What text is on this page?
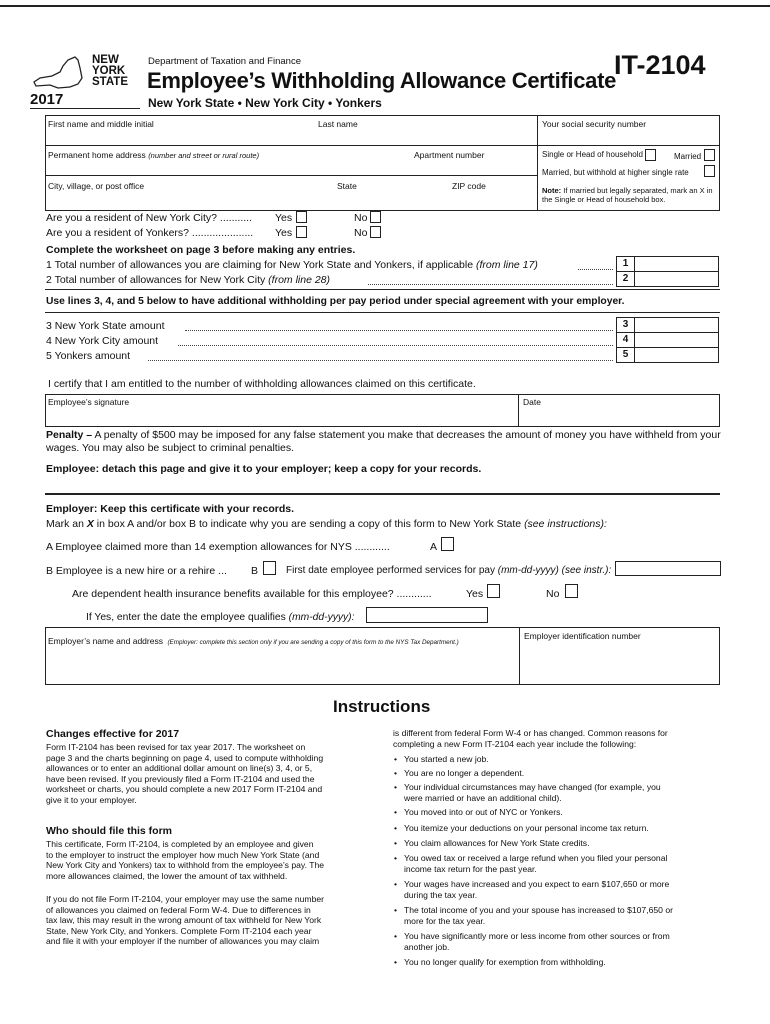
NEW
YORK
STATE
2017
Department of Taxation and Finance
Employee’s Withholding Allowance Certificate
New York State • New York City • Yonkers
IT-2104
First name and middle initial	Last name	Your social security number
Permanent home address (number and street or rural route)	Apartment number
City, village, or post office	State	ZIP code
Single or Head of household	Married
Married, but withhold at higher single rate
Note: If married but legally separated, mark an X in the Single or Head of household box.
Are you a resident of New York City? ........... Yes	No
Are you a resident of Yonkers? ..................... Yes	No
Complete the worksheet on page 3 before making any entries.
1 Total number of allowances you are claiming for New York State and Yonkers, if applicable (from line 17)	1
2 Total number of allowances for New York City (from line 28)	2
Use lines 3, 4, and 5 below to have additional withholding per pay period under special agreement with your employer.
3 New York State amount	3
4 New York City amount	4
5 Yonkers amount	5
I certify that I am entitled to the number of withholding allowances claimed on this certificate.
Employee’s signature	Date
Penalty – A penalty of $500 may be imposed for any false statement you make that decreases the amount of money you have withheld from your wages. You may also be subject to criminal penalties.
Employee: detach this page and give it to your employer; keep a copy for your records.
Employer: Keep this certificate with your records.
Mark an X in box A and/or box B to indicate why you are sending a copy of this form to New York State (see instructions):
A Employee claimed more than 14 exemption allowances for NYS ............	A
B Employee is a new hire or a rehire ... B	First date employee performed services for pay (mm-dd-yyyy) (see instr.):
Are dependent health insurance benefits available for this employee? ............	Yes	No
If Yes, enter the date the employee qualifies (mm-dd-yyyy):
Employer’s name and address (Employer: complete this section only if you are sending a copy of this form to the NYS Tax Department.)
Employer identification number
Instructions
Changes effective for 2017
Form IT-2104 has been revised for tax year 2017. The worksheet on
page 3 and the charts beginning on page 4, used to compute withholding
allowances or to enter an additional dollar amount on line(s) 3, 4, or 5,
have been revised. If you previously filed a Form IT-2104 and used the
worksheet or charts, you should complete a new 2017 Form IT-2104 and
give it to your employer.
Who should file this form
This certificate, Form IT-2104, is completed by an employee and given
to the employer to instruct the employer how much New York State (and
New York City and Yonkers) tax to withhold from the employee’s pay. The
more allowances claimed, the lower the amount of tax withheld.
If you do not file Form IT-2104, your employer may use the same number
of allowances you claimed on federal Form W-4. Due to differences in
tax law, this may result in the wrong amount of tax withheld for New York
State, New York City, and Yonkers. Complete Form IT-2104 each year
and file it with your employer if the number of allowances you may claim
is different from federal Form W-4 or has changed. Common reasons for
completing a new Form IT-2104 each year include the following:
• You started a new job.
• You are no longer a dependent.
• Your individual circumstances may have changed (for example, you
were married or have an additional child).
• You moved into or out of NYC or Yonkers.
• You itemize your deductions on your personal income tax return.
• You claim allowances for New York State credits.
• You owed tax or received a large refund when you filed your personal
income tax return for the past year.
• Your wages have increased and you expect to earn $107,650 or more
during the tax year.
• The total income of you and your spouse has increased to $107,650 or
more for the tax year.
• You have significantly more or less income from other sources or from
another job.
• You no longer qualify for exemption from withholding.
